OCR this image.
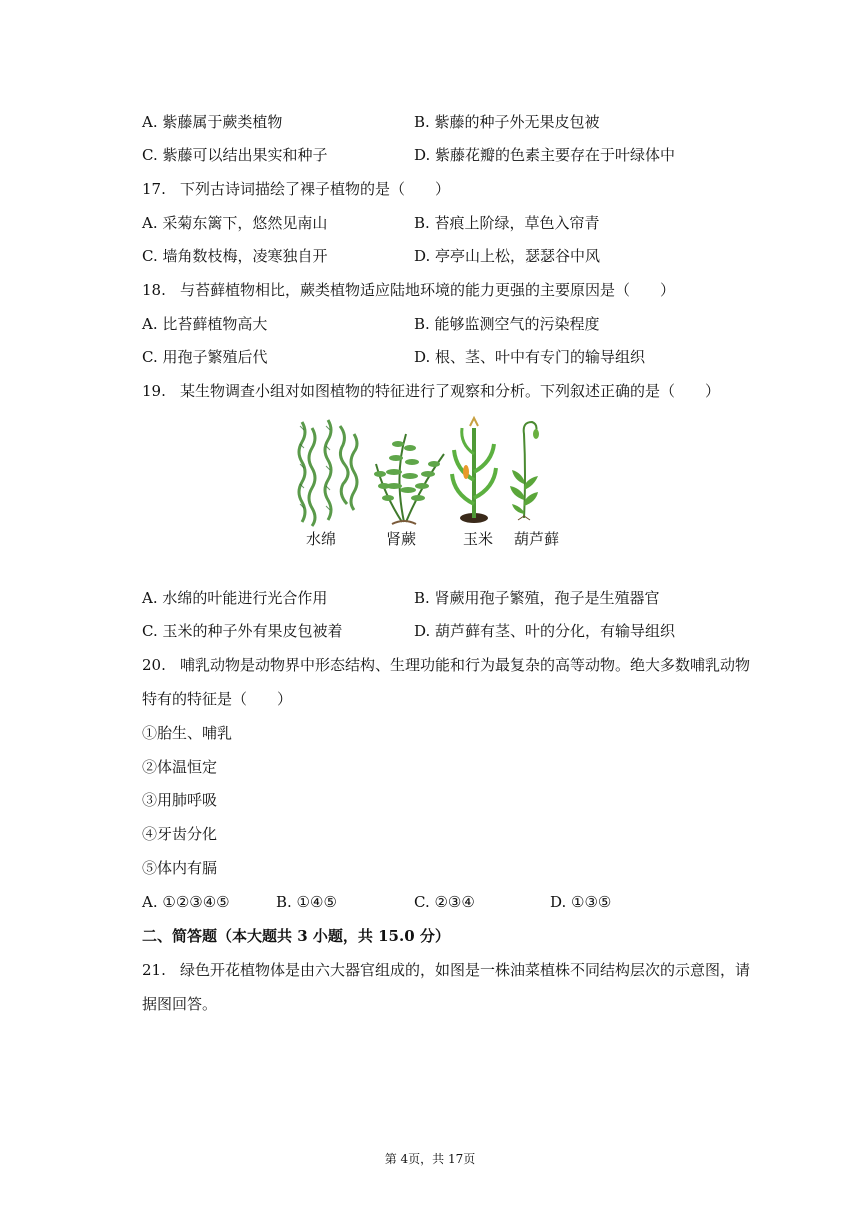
A. 紫藤属于蕨类植物	B. 紫藤的种子外无果皮包被
C. 紫藤可以结出果实和种子	D. 紫藤花瓣的色素主要存在于叶绿体中
17. 下列古诗词描绘了裸子植物的是（　　）
A. 采菊东篱下，悠然见南山	B. 苔痕上阶绿，草色入帘青
C. 墙角数枝梅，凌寒独自开	D. 亭亭山上松，瑟瑟谷中风
18. 与苔藓植物相比，蕨类植物适应陆地环境的能力更强的主要原因是（　　）
A. 比苔藓植物高大	B. 能够监测空气的污染程度
C. 用孢子繁殖后代	D. 根、茎、叶中有专门的输导组织
19. 某生物调查小组对如图植物的特征进行了观察和分析。下列叙述正确的是（　　）
水绵	肾蕨	玉米 葫芦藓
A. 水绵的叶能进行光合作用	B. 肾蕨用孢子繁殖，孢子是生殖器官
C. 玉米的种子外有果皮包被着	D. 葫芦藓有茎、叶的分化，有输导组织
20. 哺乳动物是动物界中形态结构、生理功能和行为最复杂的高等动物。绝大多数哺乳动物
特有的特征是（　　）
①胎生、哺乳
②体温恒定
③用肺呼吸
④牙齿分化
⑤体内有膈
A. ①②③④⑤	B. ①④⑤	C. ②③④	D. ①③⑤
二、简答题（本大题共 3 小题，共 15.0 分）
21. 绿色开花植物体是由六大器官组成的，如图是一株油菜植株不同结构层次的示意图，请
据图回答。
第 4页，共 17页
